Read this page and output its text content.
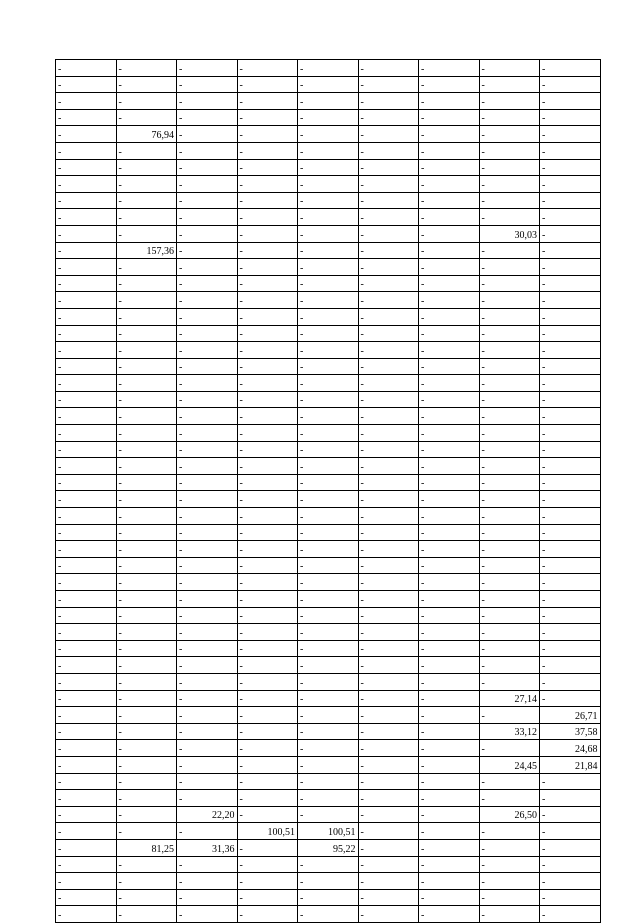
-	-	-	-	-	-	-	-	-
-	-	-	-	-	-	-	-	-
-	-	-	-	-	-	-	-	-
-	-	-	-	-	-	-	-	-
-	76,94	-	-	-	-	-	-	-
-	-	-	-	-	-	-	-	-
-	-	-	-	-	-	-	-	-
-	-	-	-	-	-	-	-	-
-	-	-	-	-	-	-	-	-
-	-	-	-	-	-	-	-	-
-	-	-	-	-	-	-	30,03	-
-	157,36	-	-	-	-	-	-	-
-	-	-	-	-	-	-	-	-
-	-	-	-	-	-	-	-	-
-	-	-	-	-	-	-	-	-
-	-	-	-	-	-	-	-	-
-	-	-	-	-	-	-	-	-
-	-	-	-	-	-	-	-	-
-	-	-	-	-	-	-	-	-
-	-	-	-	-	-	-	-	-
-	-	-	-	-	-	-	-	-
-	-	-	-	-	-	-	-	-
-	-	-	-	-	-	-	-	-
-	-	-	-	-	-	-	-	-
-	-	-	-	-	-	-	-	-
-	-	-	-	-	-	-	-	-
-	-	-	-	-	-	-	-	-
-	-	-	-	-	-	-	-	-
-	-	-	-	-	-	-	-	-
-	-	-	-	-	-	-	-	-
-	-	-	-	-	-	-	-	-
-	-	-	-	-	-	-	-	-
-	-	-	-	-	-	-	-	-
-	-	-	-	-	-	-	-	-
-	-	-	-	-	-	-	-	-
-	-	-	-	-	-	-	-	-
-	-	-	-	-	-	-	-	-
-	-	-	-	-	-	-	-	-
-	-	-	-	-	-	-	27,14	-
-	-	-	-	-	-	-	-	26,71
-	-	-	-	-	-	-	33,12	37,58
-	-	-	-	-	-	-	-	24,68
-	-	-	-	-	-	-	24,45	21,84
-	-	-	-	-	-	-	-	-
-	-	-	-	-	-	-	-	-
-	-	22,20	-	-	-	-	26,50	-
-	-	-	100,51	100,51	-	-	-	-
-	81,25	31,36	-	95,22	-	-	-	-
-	-	-	-	-	-	-	-	-
-	-	-	-	-	-	-	-	-
-	-	-	-	-	-	-	-	-
-	-	-	-	-	-	-	-	-
